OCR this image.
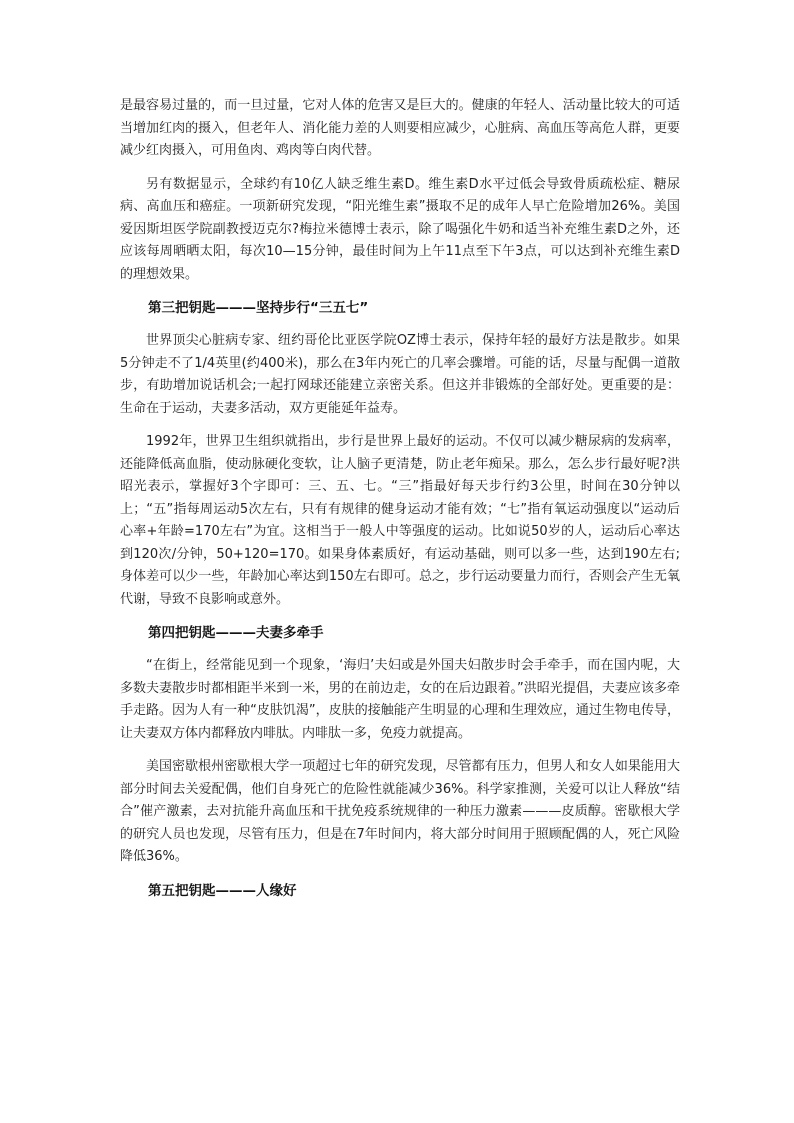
是最容易过量的，而一旦过量，它对人体的危害又是巨大的。健康的年轻人、活动量比较大的可适当增加红肉的摄入，但老年人、消化能力差的人则要相应减少，心脏病、高血压等高危人群，更要减少红肉摄入，可用鱼肉、鸡肉等白肉代替。

另有数据显示，全球约有10亿人缺乏维生素D。维生素D水平过低会导致骨质疏松症、糖尿病、高血压和癌症。一项新研究发现，“阳光维生素”摄取不足的成年人早亡危险增加26%。美国爱因斯坦医学院副教授迈克尔?梅拉米德博士表示，除了喝强化牛奶和适当补充维生素D之外，还应该每周晒晒太阳，每次10—15分钟，最佳时间为上午11点至下午3点，可以达到补充维生素D的理想效果。

第三把钥匙———坚持步行“三五七”

世界顶尖心脏病专家、纽约哥伦比亚医学院OZ博士表示，保持年轻的最好方法是散步。如果5分钟走不了1/4英里(约400米)，那么在3年内死亡的几率会骤增。可能的话，尽量与配偶一道散步，有助增加说话机会;一起打网球还能建立亲密关系。但这并非锻炼的全部好处。更重要的是：生命在于运动，夫妻多活动，双方更能延年益寿。

1992年，世界卫生组织就指出，步行是世界上最好的运动。不仅可以减少糖尿病的发病率，还能降低高血脂，使动脉硬化变软，让人脑子更清楚，防止老年痴呆。那么，怎么步行最好呢?洪昭光表示，掌握好3个字即可：三、五、七。“三”指最好每天步行约3公里，时间在30分钟以上；“五”指每周运动5次左右，只有有规律的健身运动才能有效；“七”指有氧运动强度以“运动后心率+年龄=170左右”为宜。这相当于一般人中等强度的运动。比如说50岁的人，运动后心率达到120次/分钟，50+120=170。如果身体素质好，有运动基础，则可以多一些，达到190左右;身体差可以少一些，年龄加心率达到150左右即可。总之，步行运动要量力而行，否则会产生无氧代谢，导致不良影响或意外。

第四把钥匙———夫妻多牵手

“在街上，经常能见到一个现象，‘海归’夫妇或是外国夫妇散步时会手牵手，而在国内呢，大多数夫妻散步时都相距半米到一米，男的在前边走，女的在后边跟着。”洪昭光提倡，夫妻应该多牵手走路。因为人有一种“皮肤饥渴”，皮肤的接触能产生明显的心理和生理效应，通过生物电传导，让夫妻双方体内都释放内啡肽。内啡肽一多，免疫力就提高。

美国密歇根州密歇根大学一项超过七年的研究发现，尽管都有压力，但男人和女人如果能用大部分时间去关爱配偶，他们自身死亡的危险性就能减少36%。科学家推测，关爱可以让人释放“结合”催产激素，去对抗能升高血压和干扰免疫系统规律的一种压力激素———皮质醇。密歇根大学的研究人员也发现，尽管有压力，但是在7年时间内，将大部分时间用于照顾配偶的人，死亡风险降低36%。

第五把钥匙———人缘好
